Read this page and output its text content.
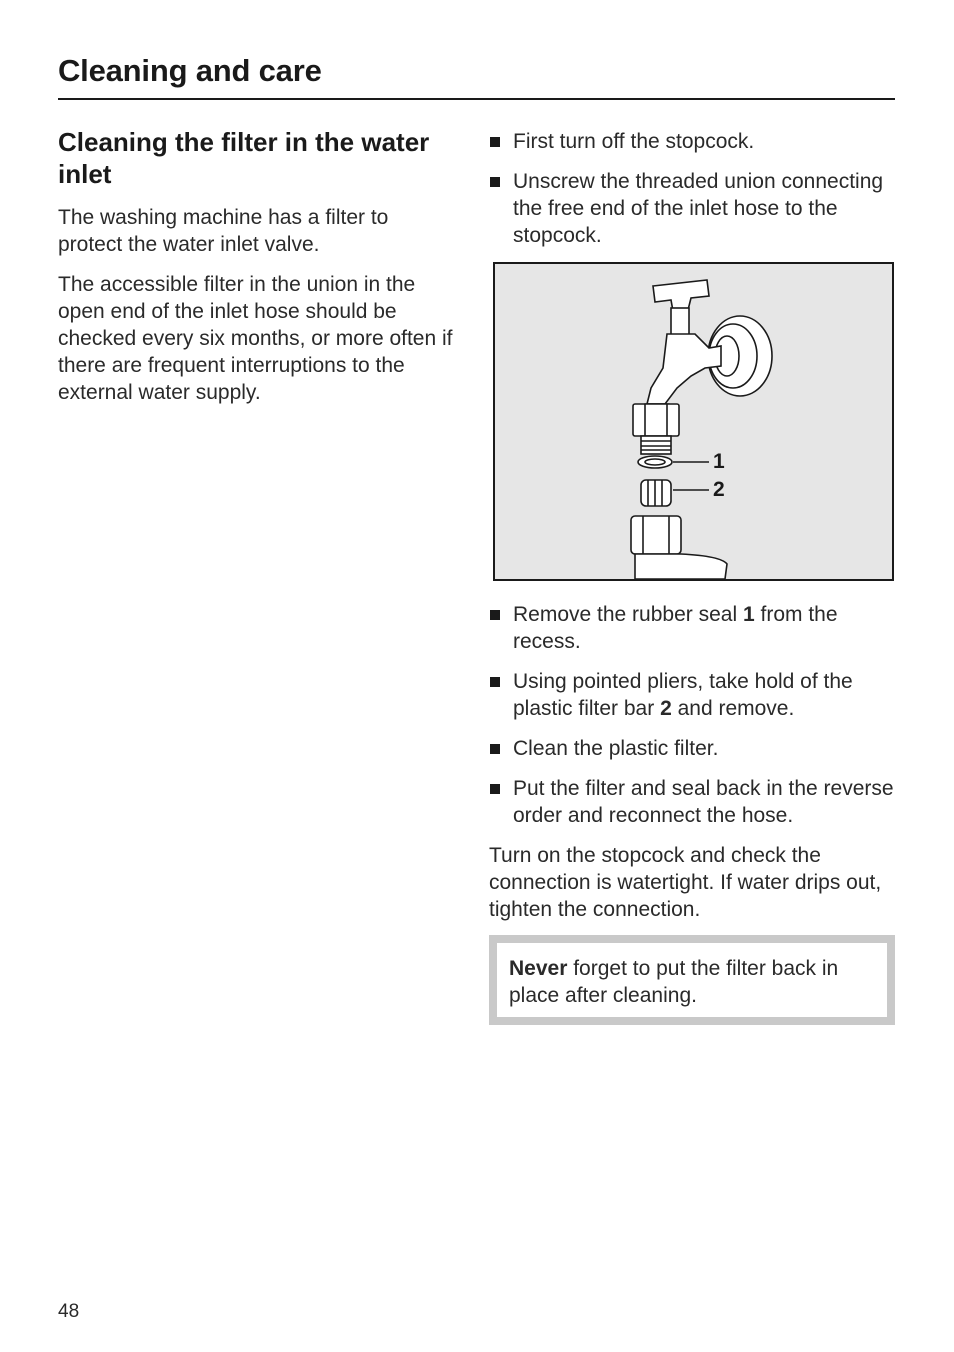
Cleaning and care
Cleaning the filter in the water inlet

The washing machine has a filter to protect the water inlet valve.

The accessible filter in the union in the open end of the inlet hose should be checked every six months, or more often if there are frequent interruptions to the external water supply.

First turn off the stopcock.
Unscrew the threaded union connecting the free end of the inlet hose to the stopcock.
1
2
Remove the rubber seal 1 from the recess.
Using pointed pliers, take hold of the plastic filter bar 2 and remove.
Clean the plastic filter.
Put the filter and seal back in the reverse order and reconnect the hose.

Turn on the stopcock and check the connection is watertight. If water drips out, tighten the connection.

Never forget to put the filter back in place after cleaning.
48
